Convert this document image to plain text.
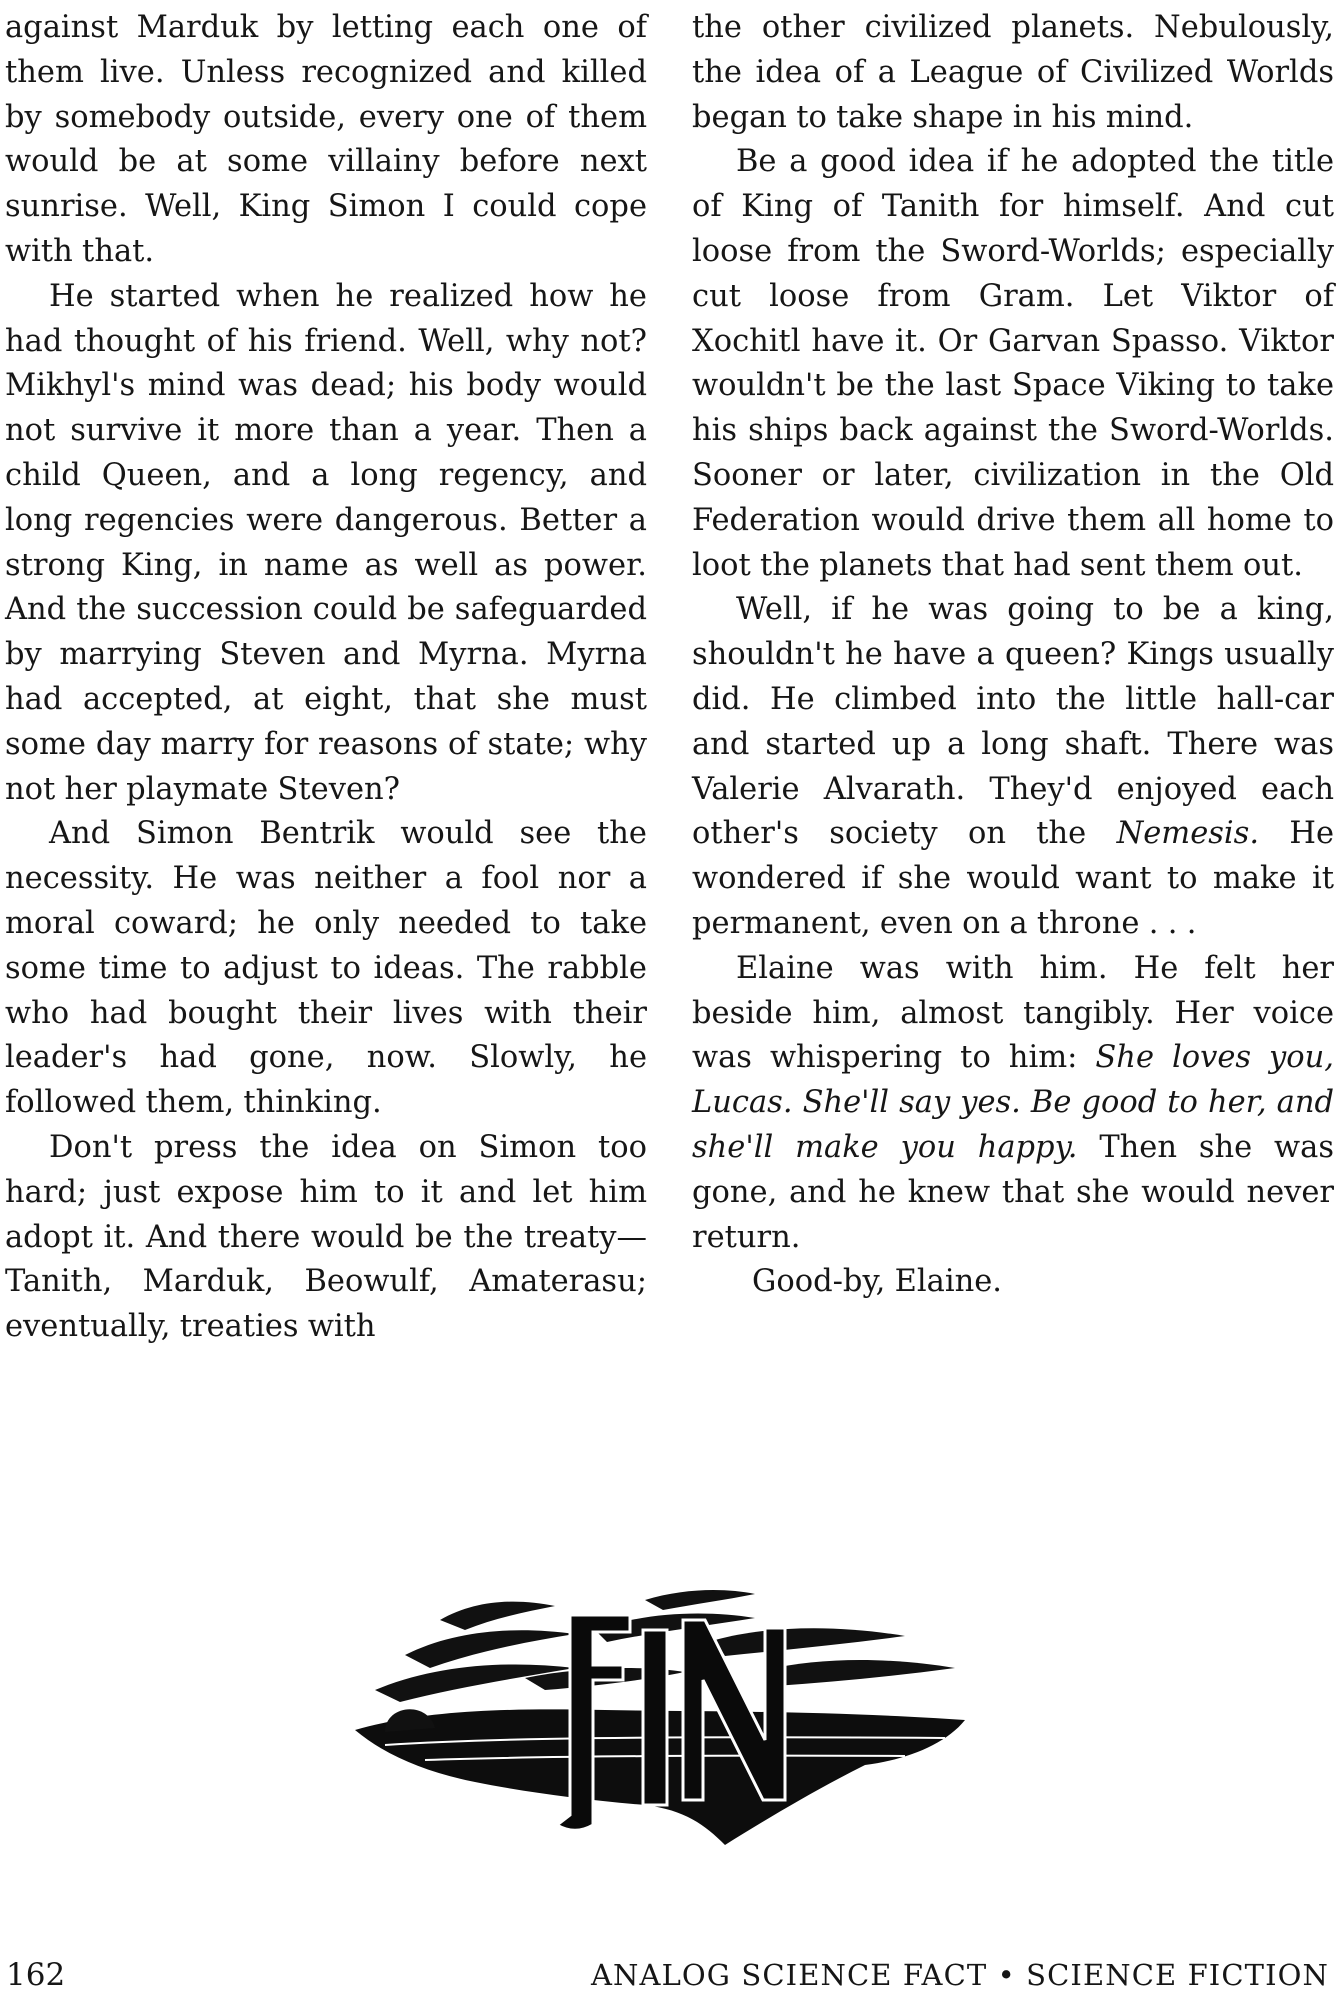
against Marduk by letting each one of them live. Unless recognized and killed by somebody outside, every one of them would be at some villainy before next sunrise. Well, King Simon I could cope with that.

He started when he realized how he had thought of his friend. Well, why not? Mikhyl's mind was dead; his body would not survive it more than a year. Then a child Queen, and a long regency, and long regencies were dangerous. Better a strong King, in name as well as power. And the succession could be safeguarded by marrying Steven and Myrna. Myrna had accepted, at eight, that she must some day marry for reasons of state; why not her playmate Steven?

And Simon Bentrik would see the necessity. He was neither a fool nor a moral coward; he only needed to take some time to adjust to ideas. The rabble who had bought their lives with their leader's had gone, now. Slowly, he followed them, thinking.

Don't press the idea on Simon too hard; just expose him to it and let him adopt it. And there would be the treaty—Tanith, Marduk, Beowulf, Amaterasu; eventually, treaties with

the other civilized planets. Nebulously, the idea of a League of Civilized Worlds began to take shape in his mind.

Be a good idea if he adopted the title of King of Tanith for himself. And cut loose from the Sword-Worlds; especially cut loose from Gram. Let Viktor of Xochitl have it. Or Garvan Spasso. Viktor wouldn't be the last Space Viking to take his ships back against the Sword-Worlds. Sooner or later, civilization in the Old Federation would drive them all home to loot the planets that had sent them out.

Well, if he was going to be a king, shouldn't he have a queen? Kings usually did. He climbed into the little hall-car and started up a long shaft. There was Valerie Alvarath. They'd enjoyed each other's society on the Nemesis. He wondered if she would want to make it permanent, even on a throne . . .

Elaine was with him. He felt her beside him, almost tangibly. Her voice was whispering to him: She loves you, Lucas. She'll say yes. Be good to her, and she'll make you happy. Then she was gone, and he knew that she would never return.

Good-by, Elaine.

FIN
162	ANALOG SCIENCE FACT • SCIENCE FICTION
